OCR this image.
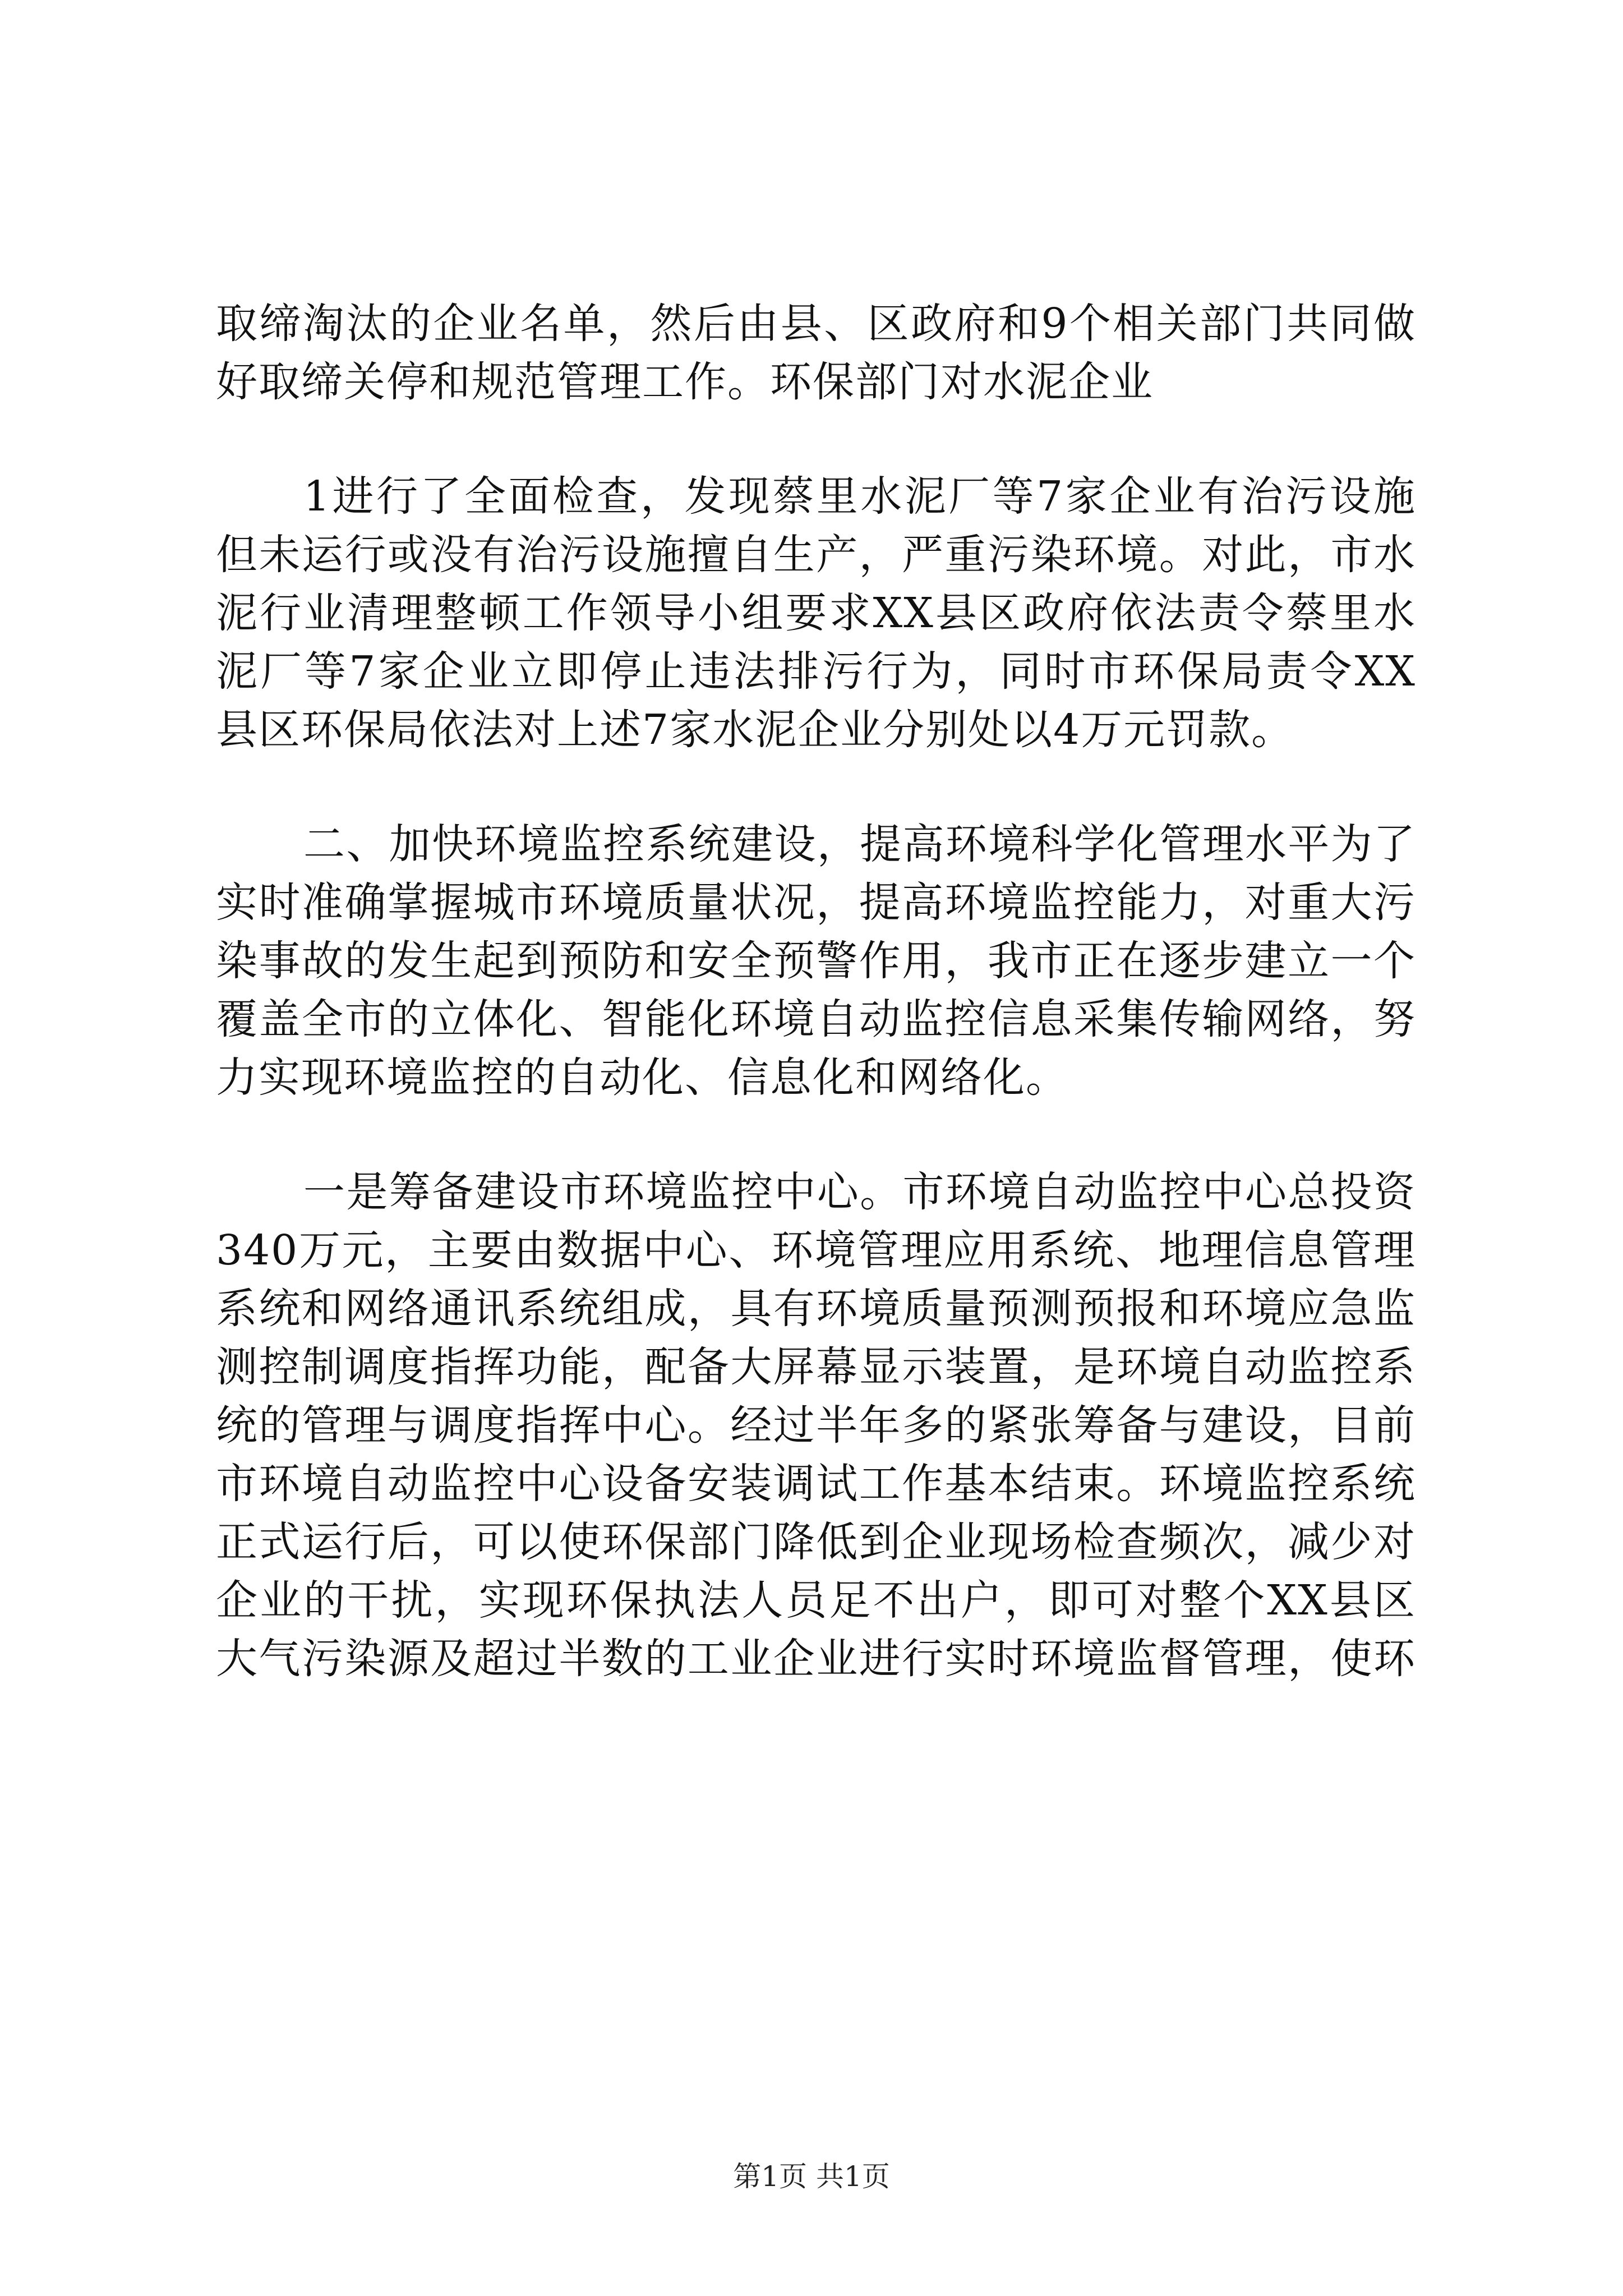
取缔淘汰的企业名单，然后由县、区政府和9个相关部门共同做
好取缔关停和规范管理工作。环保部门对水泥企业
1进行了全面检查，发现蔡里水泥厂等7家企业有治污设施
但未运行或没有治污设施擅自生产，严重污染环境。对此，市水
泥行业清理整顿工作领导小组要求XX县区政府依法责令蔡里水
泥厂等7家企业立即停止违法排污行为，同时市环保局责令XX
县区环保局依法对上述7家水泥企业分别处以4万元罚款。
二、加快环境监控系统建设，提高环境科学化管理水平为了
实时准确掌握城市环境质量状况，提高环境监控能力，对重大污
染事故的发生起到预防和安全预警作用，我市正在逐步建立一个
覆盖全市的立体化、智能化环境自动监控信息采集传输网络，努
力实现环境监控的自动化、信息化和网络化。
一是筹备建设市环境监控中心。市环境自动监控中心总投资
340万元，主要由数据中心、环境管理应用系统、地理信息管理
系统和网络通讯系统组成，具有环境质量预测预报和环境应急监
测控制调度指挥功能，配备大屏幕显示装置，是环境自动监控系
统的管理与调度指挥中心。经过半年多的紧张筹备与建设，目前
市环境自动监控中心设备安装调试工作基本结束。环境监控系统
正式运行后，可以使环保部门降低到企业现场检查频次，减少对
企业的干扰，实现环保执法人员足不出户，即可对整个XX县区
大气污染源及超过半数的工业企业进行实时环境监督管理，使环
第1页 共1页
